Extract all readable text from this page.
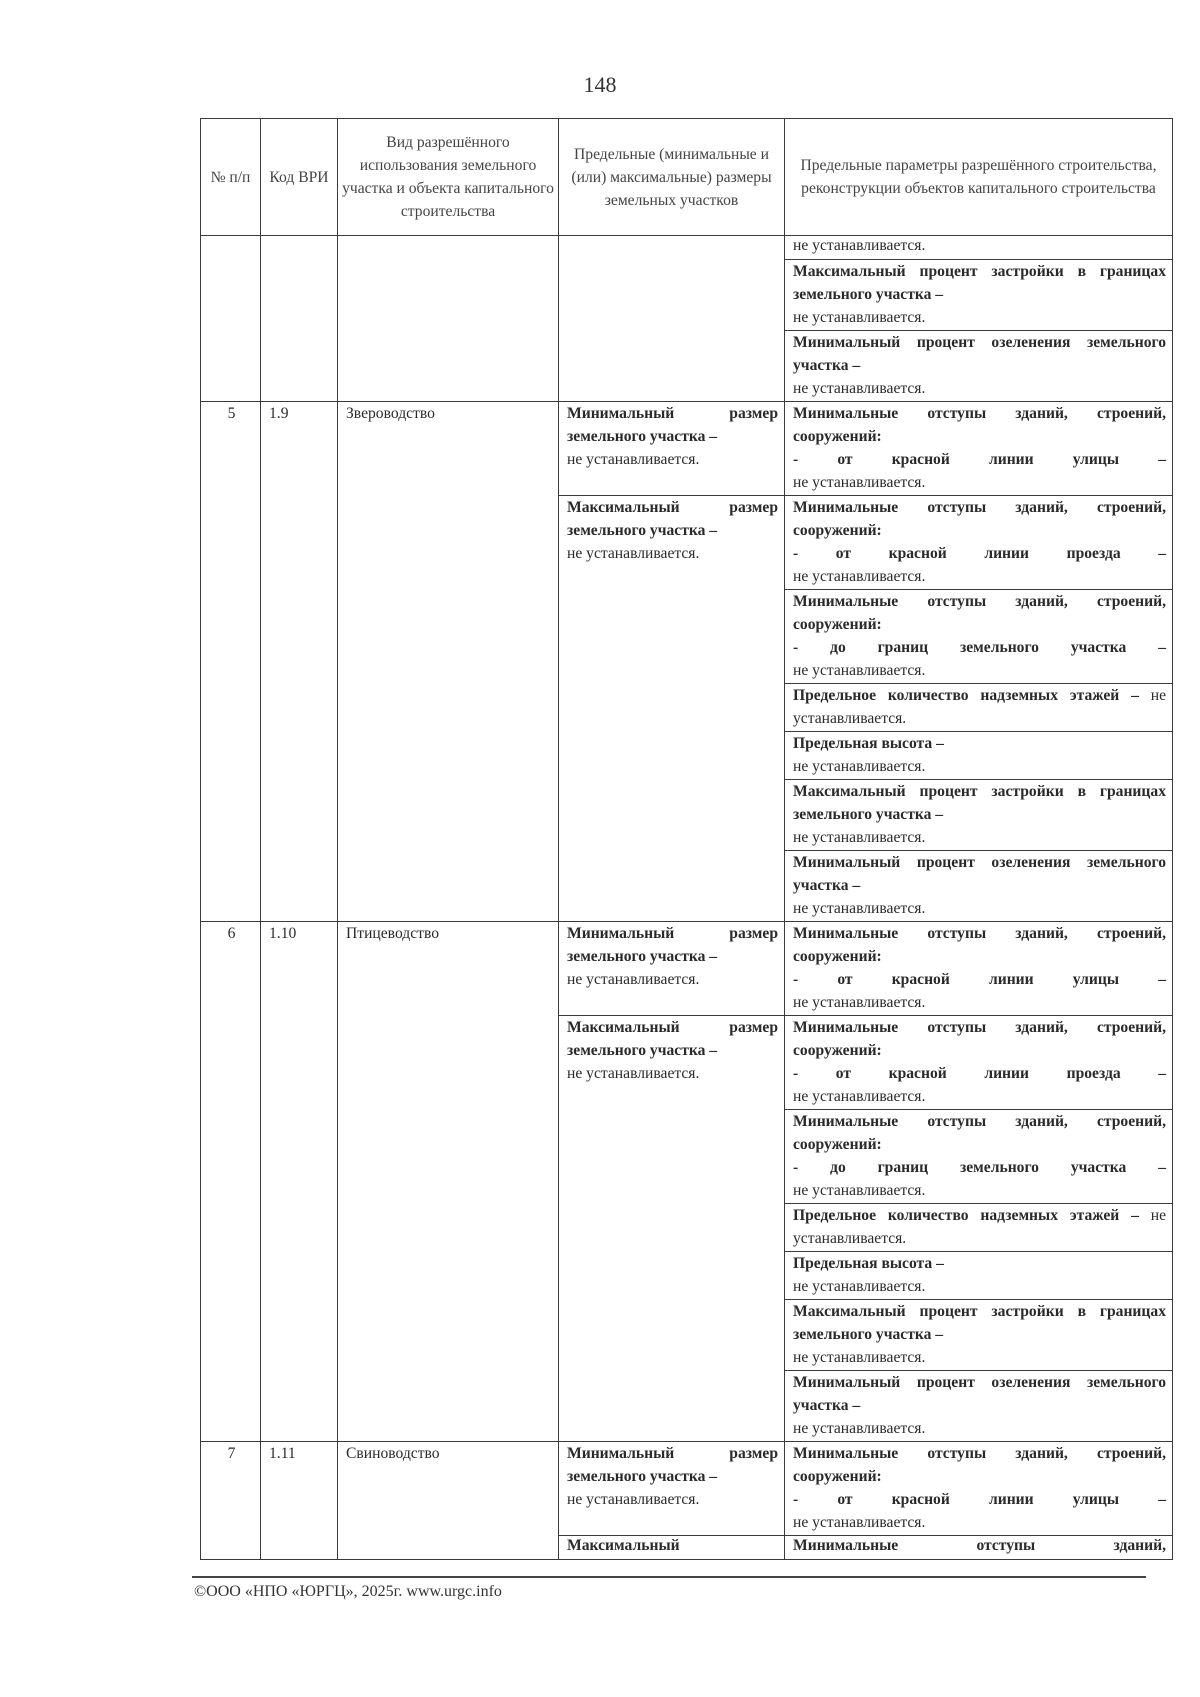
148
№ п/п	Код ВРИ	Вид разрешённого использования земельного участка и объекта капитального строительства	Предельные (минимальные и (или) максимальные) размеры земельных участков	Предельные параметры разрешённого строительства, реконструкции объектов капитального строительства
				не устанавливается.
				Максимальный процент застройки в границах земельного участка –
не устанавливается.
				Минимальный процент озеленения земельного участка –
не устанавливается.
5	1.9	Звероводство	Минимальный размер земельного участка –
не устанавливается.	Минимальные отступы зданий, строений, сооружений:

- от красной линии улицы –
не устанавливается.
			Максимальный размер земельного участка –
не устанавливается.	Минимальные отступы зданий, строений, сооружений:

- от красной линии проезда –
не устанавливается.
				Минимальные отступы зданий, строений, сооружений:

- до границ земельного участка –
не устанавливается.
				Предельное количество надземных этажей – не устанавливается.
				Предельная высота –
не устанавливается.
				Максимальный процент застройки в границах земельного участка –
не устанавливается.
				Минимальный процент озеленения земельного участка –
не устанавливается.
6	1.10	Птицеводство	Минимальный размер земельного участка –
не устанавливается.	Минимальные отступы зданий, строений, сооружений:

- от красной линии улицы –
не устанавливается.
			Максимальный размер земельного участка –
не устанавливается.	Минимальные отступы зданий, строений, сооружений:

- от красной линии проезда –
не устанавливается.
				Минимальные отступы зданий, строений, сооружений:

- до границ земельного участка –
не устанавливается.
				Предельное количество надземных этажей – не устанавливается.
				Предельная высота –
не устанавливается.
				Максимальный процент застройки в границах земельного участка –
не устанавливается.
				Минимальный процент озеленения земельного участка –
не устанавливается.
7	1.11	Свиноводство	Минимальный размер земельного участка –
не устанавливается.	Минимальные отступы зданий, строений, сооружений:

- от красной линии улицы –
не устанавливается.
			Максимальный	Минимальные отступы зданий,
©ООО «НПО «ЮРГЦ», 2025г. www.urgc.info
